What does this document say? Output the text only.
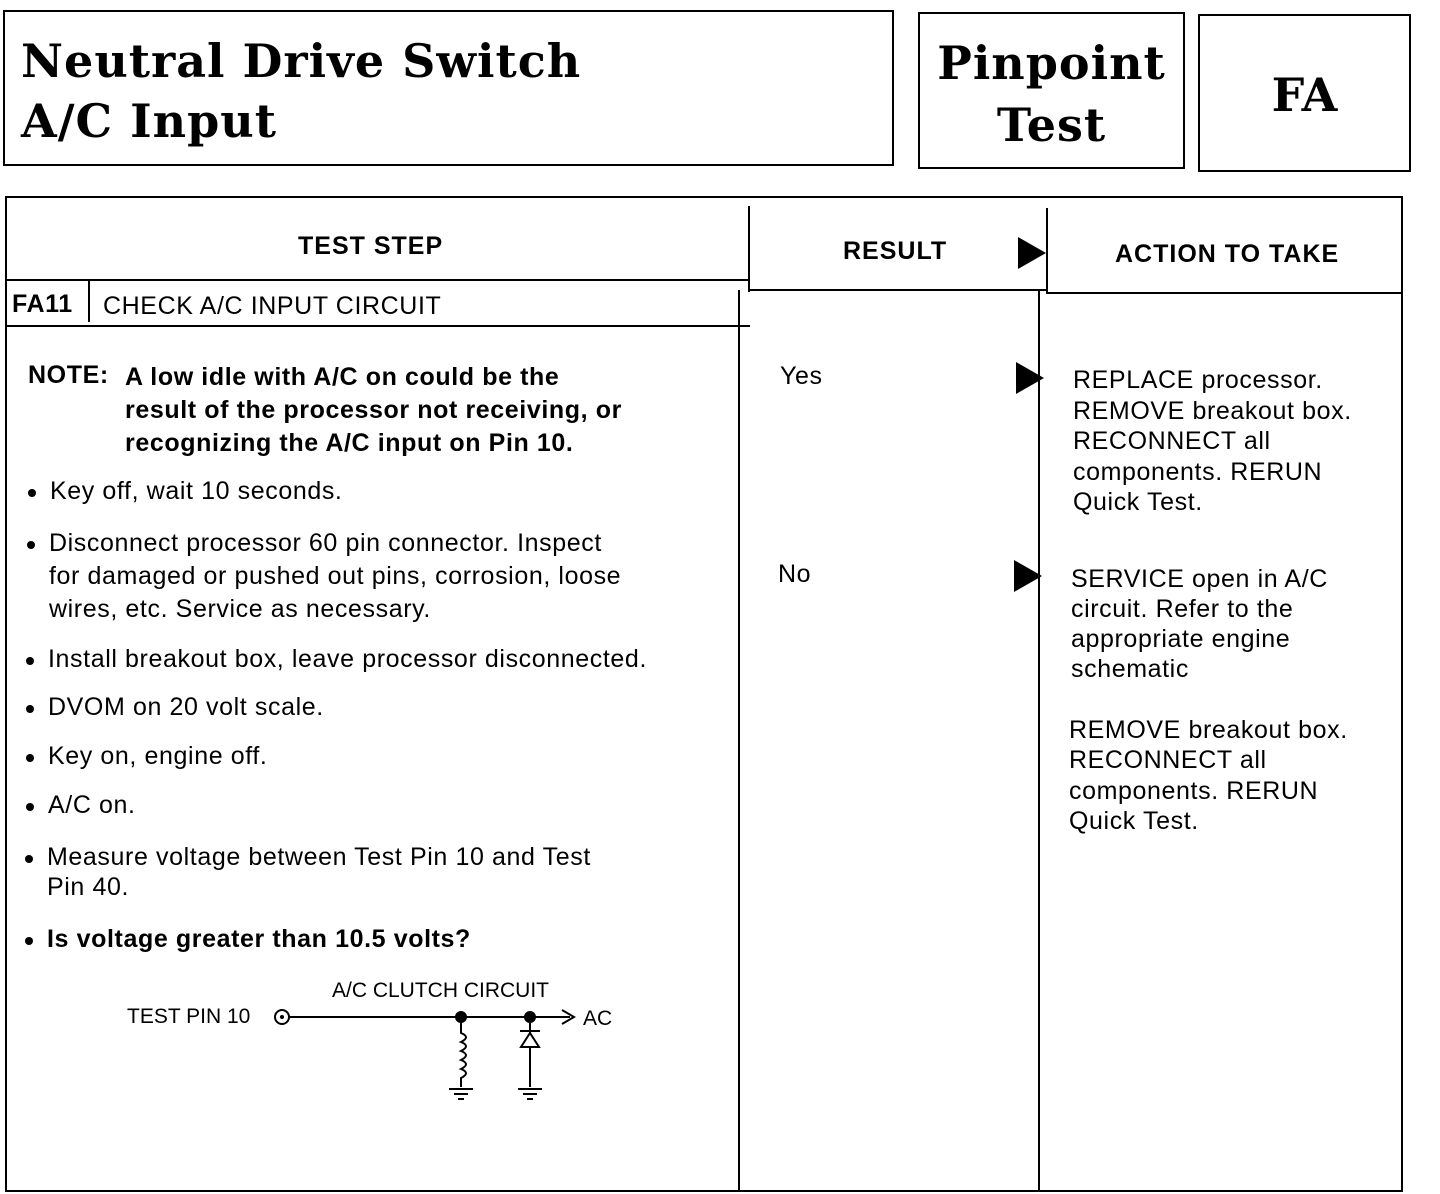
Neutral Drive Switch
A/C Input
Pinpoint
Test
FA
TEST STEP	RESULT	ACTION TO TAKE
FA11 CHECK A/C INPUT CIRCUIT
NOTE: A low idle with A/C on could be the
result of the processor not receiving, or
recognizing the A/C input on Pin 10.
Key off, wait 10 seconds.
Disconnect processor 60 pin connector. Inspect
for damaged or pushed out pins, corrosion, loose
wires, etc. Service as necessary.
Install breakout box, leave processor disconnected.
DVOM on 20 volt scale.
Key on, engine off.
A/C on.
Measure voltage between Test Pin 10 and Test
Pin 40.
Is voltage greater than 10.5 volts?
A/C CLUTCH CIRCUIT
TEST PIN 10	AC
Yes	REPLACE processor.
REMOVE breakout box.
RECONNECT all
components. RERUN
Quick Test.
No	SERVICE open in A/C
circuit. Refer to the
appropriate engine
schematic
REMOVE breakout box.
RECONNECT all
components. RERUN
Quick Test.
